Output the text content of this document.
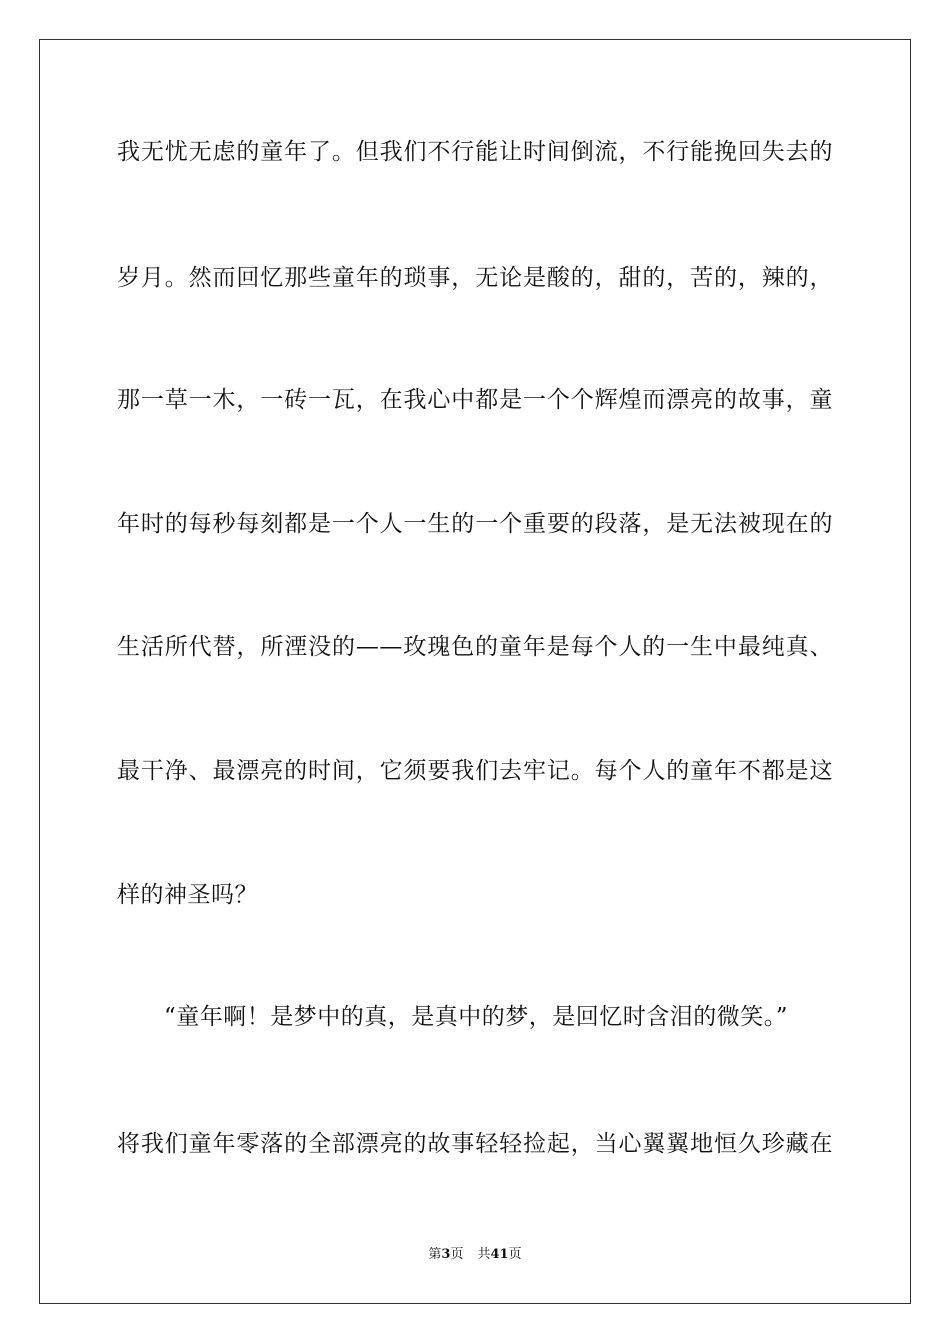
我无忧无虑的童年了。但我们不行能让时间倒流，不行能挽回失去的
岁月。然而回忆那些童年的琐事，无论是酸的，甜的，苦的，辣的，
那一草一木，一砖一瓦，在我心中都是一个个辉煌而漂亮的故事，童
年时的每秒每刻都是一个人一生的一个重要的段落，是无法被现在的
生活所代替，所湮没的——玫瑰色的童年是每个人的一生中最纯真、
最干净、最漂亮的时间，它须要我们去牢记。每个人的童年不都是这
样的神圣吗？
“童年啊！是梦中的真，是真中的梦，是回忆时含泪的微笑。”
将我们童年零落的全部漂亮的故事轻轻捡起，当心翼翼地恒久珍藏在
第3页 共41页
